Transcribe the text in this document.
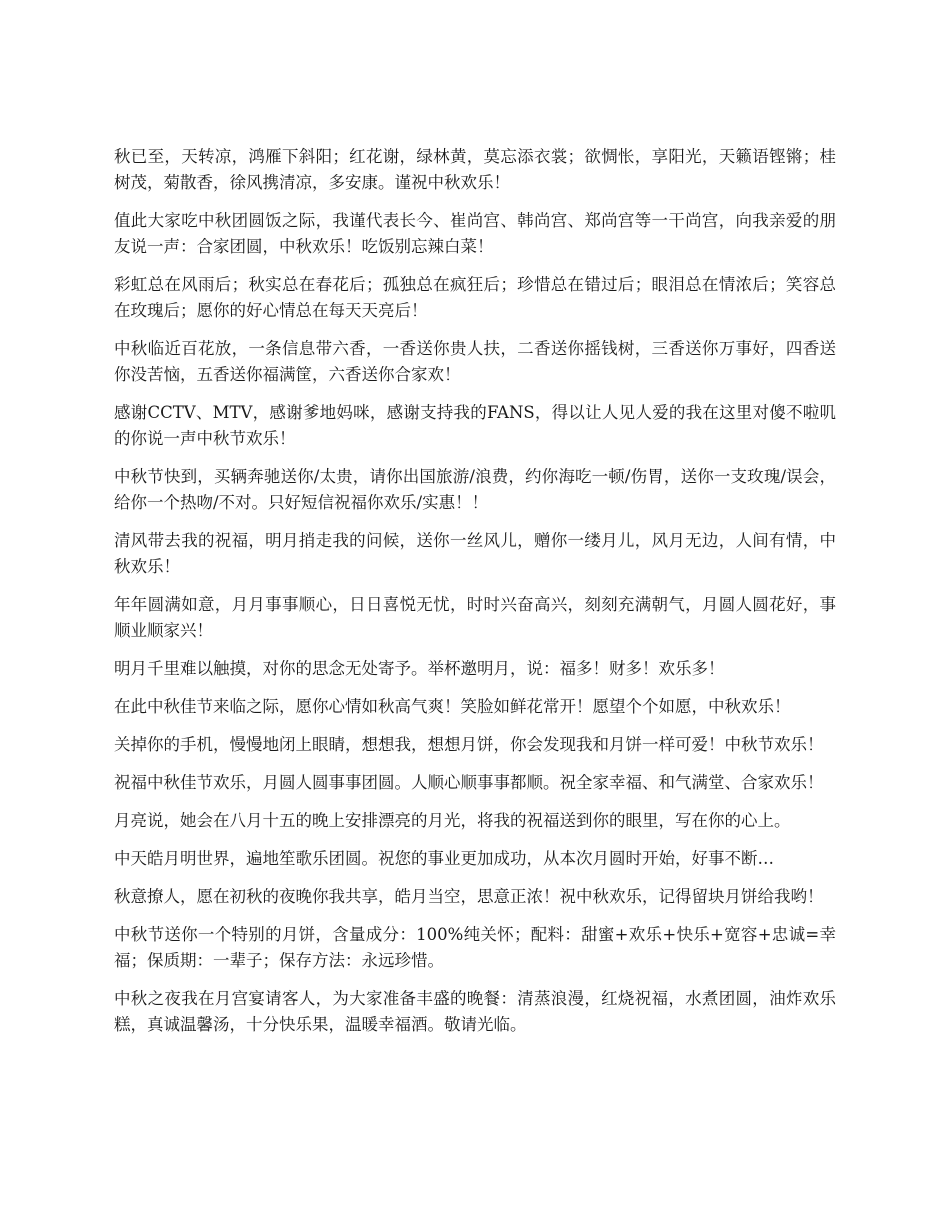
秋已至，天转凉，鸿雁下斜阳；红花谢，绿林黄，莫忘添衣裳；欲惆怅，享阳光，天籁语铿锵；桂树茂，菊散香，徐风携清凉，多安康。谨祝中秋欢乐！

值此大家吃中秋团圆饭之际，我谨代表长今、崔尚宫、韩尚宫、郑尚宫等一干尚宫，向我亲爱的朋友说一声：合家团圆，中秋欢乐！吃饭别忘辣白菜！

彩虹总在风雨后；秋实总在春花后；孤独总在疯狂后；珍惜总在错过后；眼泪总在情浓后；笑容总在玫瑰后；愿你的好心情总在每天天亮后！

中秋临近百花放，一条信息带六香，一香送你贵人扶，二香送你摇钱树，三香送你万事好，四香送你没苦恼，五香送你福满筐，六香送你合家欢！

感谢CCTV、MTV，感谢爹地妈咪，感谢支持我的FANS，得以让人见人爱的我在这里对傻不啦叽的你说一声中秋节欢乐！

中秋节快到，买辆奔驰送你/太贵，请你出国旅游/浪费，约你海吃一顿/伤胃，送你一支玫瑰/误会，给你一个热吻/不对。只好短信祝福你欢乐/实惠！！

清风带去我的祝福，明月捎走我的问候，送你一丝风儿，赠你一缕月儿，风月无边，人间有情，中秋欢乐！

年年圆满如意，月月事事顺心，日日喜悦无忧，时时兴奋高兴，刻刻充满朝气，月圆人圆花好，事顺业顺家兴！

明月千里难以触摸，对你的思念无处寄予。举杯邀明月，说：福多！财多！欢乐多！

在此中秋佳节来临之际，愿你心情如秋高气爽！笑脸如鲜花常开！愿望个个如愿，中秋欢乐！

关掉你的手机，慢慢地闭上眼睛，想想我，想想月饼，你会发现我和月饼一样可爱！中秋节欢乐！

祝福中秋佳节欢乐，月圆人圆事事团圆。人顺心顺事事都顺。祝全家幸福、和气满堂、合家欢乐！

月亮说，她会在八月十五的晚上安排漂亮的月光，将我的祝福送到你的眼里，写在你的心上。

中天皓月明世界，遍地笙歌乐团圆。祝您的事业更加成功，从本次月圆时开始，好事不断…

秋意撩人，愿在初秋的夜晚你我共享，皓月当空，思意正浓！祝中秋欢乐，记得留块月饼给我哟！

中秋节送你一个特别的月饼，含量成分：100%纯关怀；配料：甜蜜+欢乐+快乐+宽容+忠诚=幸福；保质期：一辈子；保存方法：永远珍惜。

中秋之夜我在月宫宴请客人，为大家准备丰盛的晚餐：清蒸浪漫，红烧祝福，水煮团圆，油炸欢乐糕，真诚温馨汤，十分快乐果，温暖幸福酒。敬请光临。
